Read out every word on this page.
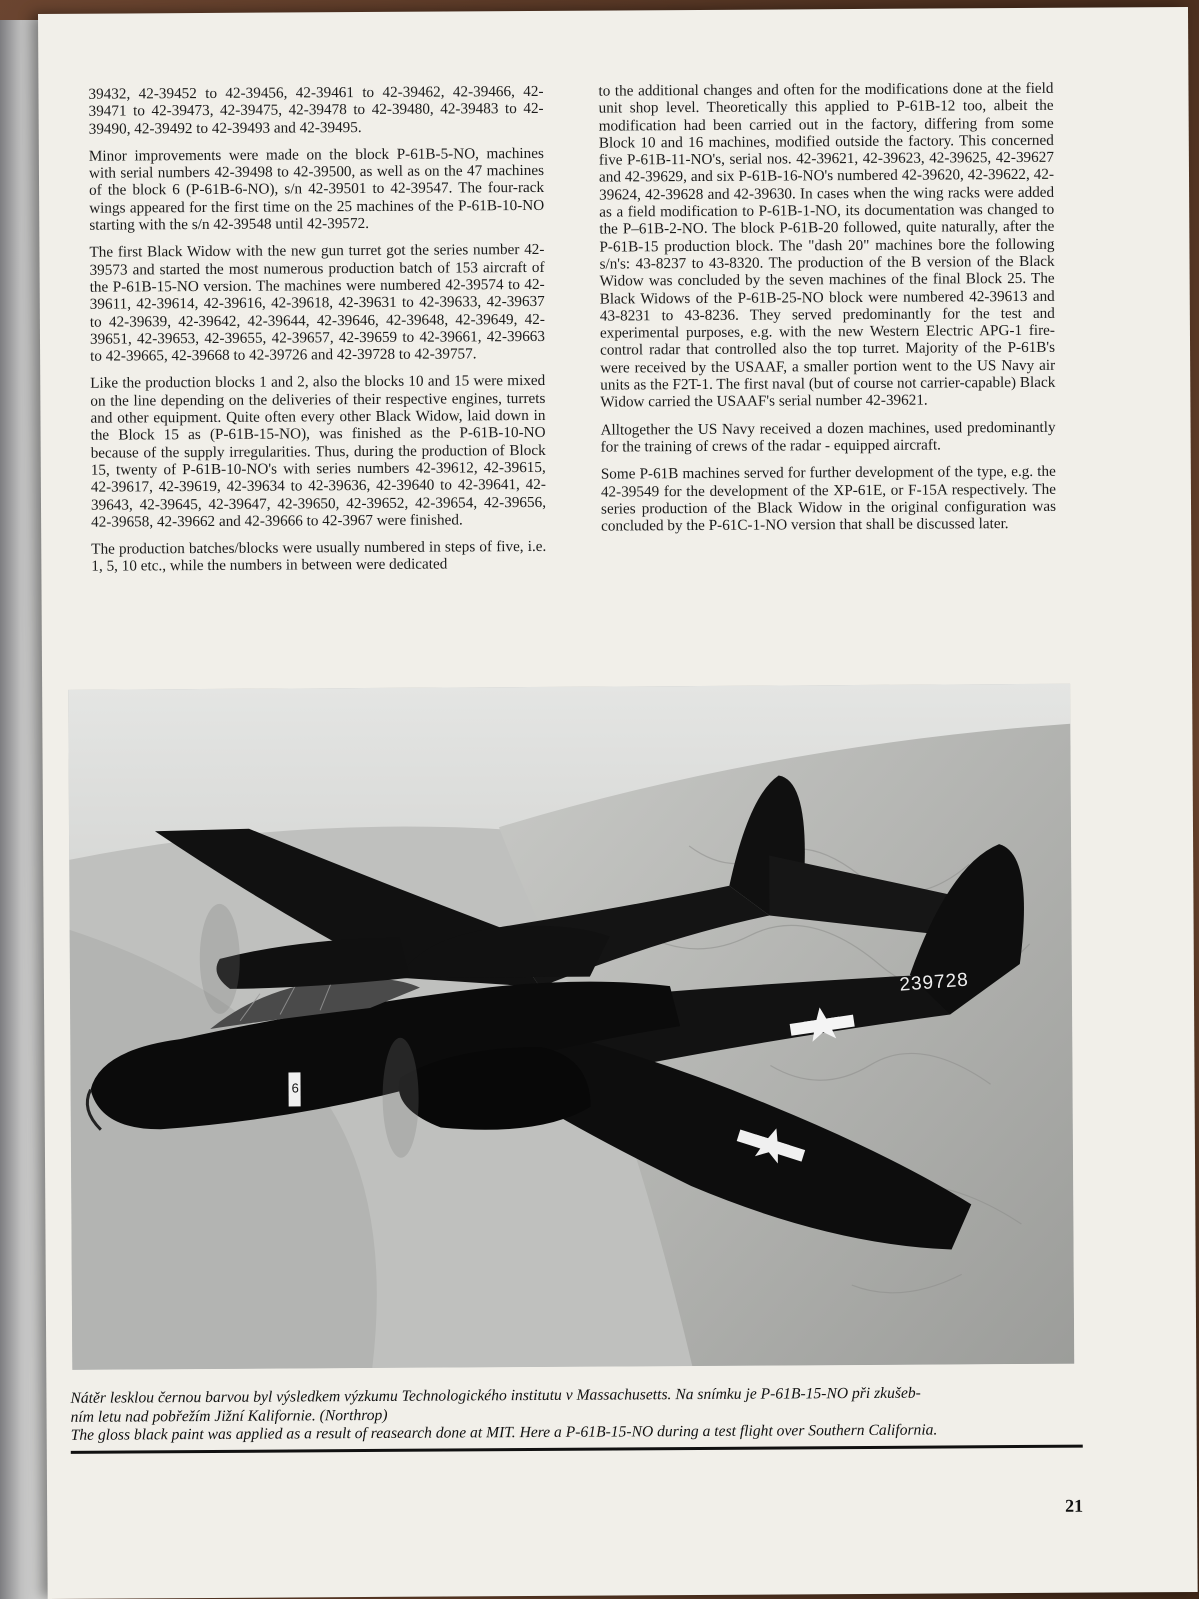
39432, 42-39452 to 42-39456, 42-39461 to 42-39462, 42-39466, 42-39471 to 42-39473, 42-39475, 42-39478 to 42-39480, 42-39483 to 42-39490, 42-39492 to 42-39493 and 42-39495.

Minor improvements were made on the block P-61B-5-NO, machines with serial numbers 42-39498 to 42-39500, as well as on the 47 machines of the block 6 (P-61B-6-NO), s/n 42-39501 to 42-39547. The four-rack wings appeared for the first time on the 25 machines of the P-61B-10-NO starting with the s/n 42-39548 until 42-39572.

The first Black Widow with the new gun turret got the series number 42-39573 and started the most numerous production batch of 153 aircraft of the P-61B-15-NO version. The machines were numbered 42-39574 to 42-39611, 42-39614, 42-39616, 42-39618, 42-39631 to 42-39633, 42-39637 to 42-39639, 42-39642, 42-39644, 42-39646, 42-39648, 42-39649, 42-39651, 42-39653, 42-39655, 42-39657, 42-39659 to 42-39661, 42-39663 to 42-39665, 42-39668 to 42-39726 and 42-39728 to 42-39757.

Like the production blocks 1 and 2, also the blocks 10 and 15 were mixed on the line depending on the deliveries of their respective engines, turrets and other equipment. Quite often every other Black Widow, laid down in the Block 15 as (P-61B-15-NO), was finished as the P-61B-10-NO because of the supply irregularities. Thus, during the production of Block 15, twenty of P-61B-10-NO's with series numbers 42-39612, 42-39615, 42-39617, 42-39619, 42-39634 to 42-39636, 42-39640 to 42-39641, 42-39643, 42-39645, 42-39647, 42-39650, 42-39652, 42-39654, 42-39656, 42-39658, 42-39662 and 42-39666 to 42-3967 were finished.

The production batches/blocks were usually numbered in steps of five, i.e. 1, 5, 10 etc., while the numbers in between were dedicated

to the additional changes and often for the modifications done at the field unit shop level. Theoretically this applied to P-61B-12 too, albeit the modification had been carried out in the factory, differing from some Block 10 and 16 machines, modified outside the factory. This concerned five P-61B-11-NO's, serial nos. 42-39621, 42-39623, 42-39625, 42-39627 and 42-39629, and six P-61B-16-NO's numbered 42-39620, 42-39622, 42-39624, 42-39628 and 42-39630. In cases when the wing racks were added as a field modification to P-61B-1-NO, its documentation was changed to the P–61B-2-NO. The block P-61B-20 followed, quite naturally, after the P-61B-15 production block. The "dash 20" machines bore the following s/n's: 43-8237 to 43-8320. The production of the B version of the Black Widow was concluded by the seven machines of the final Block 25. The Black Widows of the P-61B-25-NO block were numbered 42-39613 and 43-8231 to 43-8236. They served predominantly for the test and experimental purposes, e.g. with the new Western Electric APG-1 fire-control radar that controlled also the top turret. Majority of the P-61B's were received by the USAAF, a smaller portion went to the US Navy air units as the F2T-1. The first naval (but of course not carrier-capable) Black Widow carried the USAAF's serial number 42-39621.

Alltogether the US Navy received a dozen machines, used predominantly for the training of crews of the radar - equipped aircraft.

Some P-61B machines served for further development of the type, e.g. the 42-39549 for the development of the XP-61E, or F-15A respectively. The series production of the Black Widow in the original configuration was concluded by the P-61C-1-NO version that shall be discussed later.

239728
6
Nátěr lesklou černou barvou byl výsledkem výzkumu Technologického institutu v Massachusetts. Na snímku je P-61B-15-NO při zkušeb-
ním letu nad pobřežím Jižní Kalifornie. (Northrop)
The gloss black paint was applied as a result of reasearch done at MIT. Here a P-61B-15-NO during a test flight over Southern California.
21
